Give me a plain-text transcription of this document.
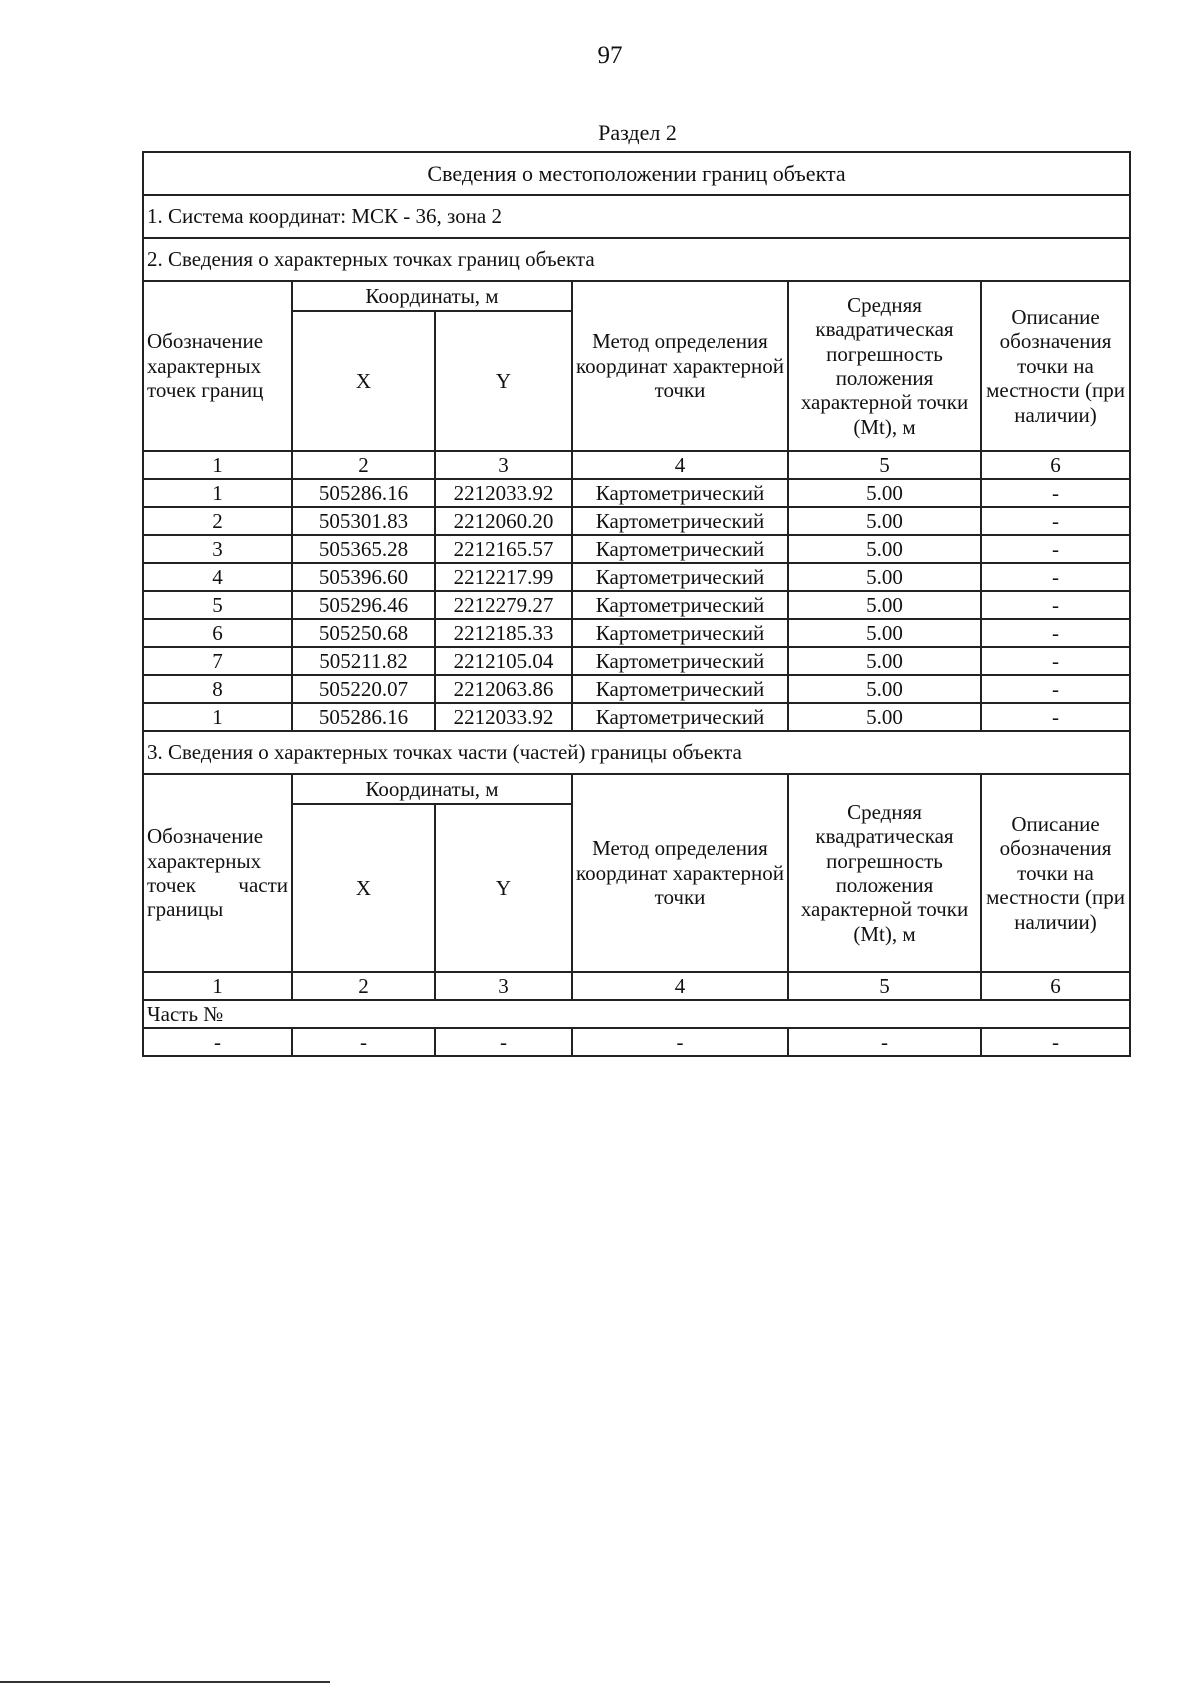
97
Раздел 2
Сведения о местоположении границ объекта					
1. Система координат: МСК - 36, зона 2					
2. Сведения о характерных точках границ объекта					
Обозначение характерных точек границ	Координаты, м		Метод определения координат характерной точки	Средняя квадратическая погрешность положения характерной точки (Mt), м	Описание обозначения точки на местности (при наличии)
	X	Y			
1	2	3	4	5	6
1	505286.16	2212033.92	Картометрический	5.00	-
2	505301.83	2212060.20	Картометрический	5.00	-
3	505365.28	2212165.57	Картометрический	5.00	-
4	505396.60	2212217.99	Картометрический	5.00	-
5	505296.46	2212279.27	Картометрический	5.00	-
6	505250.68	2212185.33	Картометрический	5.00	-
7	505211.82	2212105.04	Картометрический	5.00	-
8	505220.07	2212063.86	Картометрический	5.00	-
1	505286.16	2212033.92	Картометрический	5.00	-
3. Сведения о характерных точках части (частей) границы объекта					
Обозначение характерных точек части границы	Координаты, м		Метод определения координат характерной точки	Средняя квадратическая погрешность положения характерной точки (Mt), м	Описание обозначения точки на местности (при наличии)
	X	Y			
1	2	3	4	5	6
Часть №					
-	-	-	-	-	-
